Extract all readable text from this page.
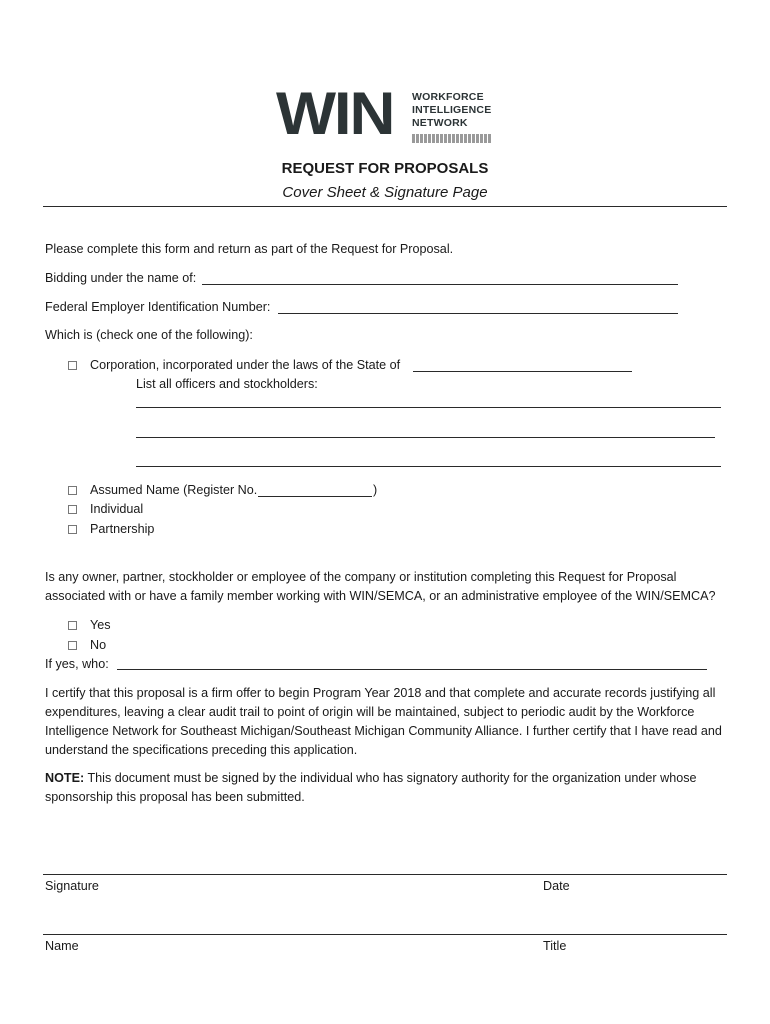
WIN WORKFORCE
INTELLIGENCE
NETWORK
REQUEST FOR PROPOSALS
Cover Sheet & Signature Page
Please complete this form and return as part of the Request for Proposal.
Bidding under the name of:
Federal Employer Identification Number:
Which is (check one of the following):
Corporation, incorporated under the laws of the State of
List all officers and stockholders:
Assumed Name (Register No.	)
Individual
Partnership
Is any owner, partner, stockholder or employee of the company or institution completing this Request for Proposal associated with or have a family member working with WIN/SEMCA, or an administrative employee of the WIN/SEMCA?
Yes
No
If yes, who:
I certify that this proposal is a firm offer to begin Program Year 2018 and that complete and accurate records justifying all expenditures, leaving a clear audit trail to point of origin will be maintained, subject to periodic audit by the Workforce Intelligence Network for Southeast Michigan/Southeast Michigan Community Alliance. I further certify that I have read and understand the specifications preceding this application.
NOTE: This document must be signed by the individual who has signatory authority for the organization under whose sponsorship this proposal has been submitted.
Signature	Date
Name	Title
